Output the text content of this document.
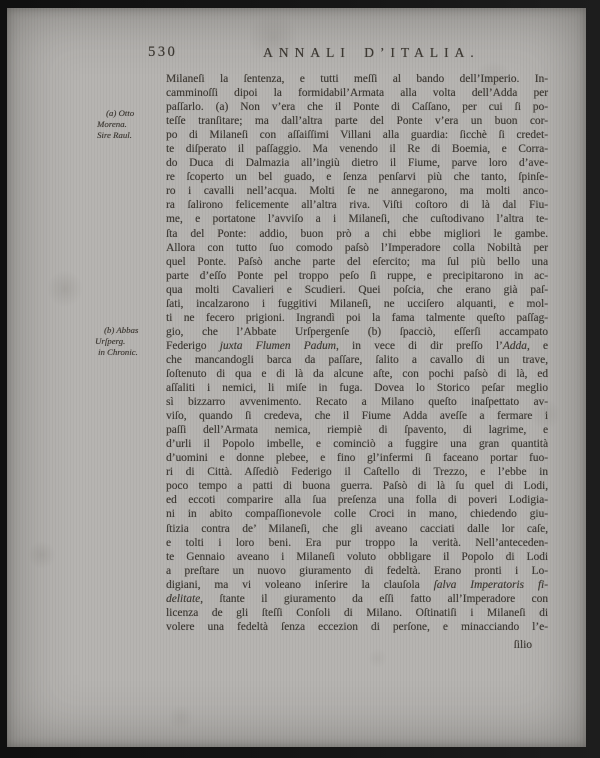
530	ANNALI D’ITALIA.
(a) Otto
Morena.
Sire Raul.
(b) Abbas
Urſperg.
in Chronic.
Milaneſi la ſentenza, e tutti meſſi al bando dell’Imperio. In-
camminoſſi dipoi la formidabil’Armata alla volta dell’Adda per
paſſarlo. (a) Non v’era che il Ponte di Caſſano, per cui ſi po-
teſſe tranſitare; ma dall’altra parte del Ponte v’era un buon cor-
po di Milaneſi con aſſaiſſimi Villani alla guardia: ſicchè ſi credet-
te diſperato il paſſaggio. Ma venendo il Re di Boemia, e Corra-
do Duca di Dalmazia all’ingiù dietro il Fiume, parve loro d’ave-
re ſcoperto un bel guado, e ſenza penſarvi più che tanto, ſpinſe-
ro i cavalli nell’acqua. Molti ſe ne annegarono, ma molti anco-
ra ſalirono felicemente all’altra riva. Viſti coſtoro di là dal Fiu-
me, e portatone l’avviſo a i Milaneſi, che cuſtodivano l’altra te-
ſta del Ponte: addio, buon prò a chi ebbe migliori le gambe.
Allora con tutto ſuo comodo paſsò l’Imperadore colla Nobiltà per
quel Ponte. Paſsò anche parte del eſercito; ma ſul più bello una
parte d’eſſo Ponte pel troppo peſo ſi ruppe, e precipitarono in ac-
qua molti Cavalieri e Scudieri. Quei poſcia, che erano già paſ-
ſati, incalzarono i fuggitivi Milaneſi, ne ucciſero alquanti, e mol-
ti ne fecero prigioni. Ingrandì poi la fama talmente queſto paſſag-
gio, che l’Abbate Urſpergenſe (b) ſpacciò, eſſerſi accampato
Federigo juxta Flumen Padum, in vece di dir preſſo l’Adda, e
che mancandogli barca da paſſare, ſalito a cavallo di un trave,
ſoſtenuto di qua e di là da alcune aſte, con pochi paſsò di là, ed
aſſaliti i nemici, li miſe in fuga. Dovea lo Storico peſar meglio
sì bizzarro avvenimento. Recato a Milano queſto inaſpettato av-
viſo, quando ſi credeva, che il Fiume Adda aveſſe a fermare i
paſſi dell’Armata nemica, riempiè di ſpavento, di lagrime, e
d’urli il Popolo imbelle, e cominciò a fuggire una gran quantità
d’uomini e donne plebee, e fino gl’infermi ſi faceano portar fuo-
ri di Città. Aſſediò Federigo il Caſtello di Trezzo, e l’ebbe in
poco tempo a patti di buona guerra. Paſsò di là ſu quel di Lodi,
ed eccoti comparire alla ſua preſenza una folla di poveri Lodigia-
ni in abito compaſſionevole colle Croci in mano, chiedendo giu-
ſtizia contra de’ Milaneſi, che gli aveano cacciati dalle lor caſe,
e tolti i loro beni. Era pur troppo la verità. Nell’anteceden-
te Gennaio aveano i Milaneſi voluto obbligare il Popolo di Lodi
a preſtare un nuovo giuramento di fedeltà. Erano pronti i Lo-
digiani, ma vi voleano inſerire la clauſola ſalva Imperatoris fi-
delitate, ſtante il giuramento da eſſi fatto all’Imperadore con
licenza de gli ſteſſi Conſoli di Milano. Oſtinatiſi i Milaneſi di
volere una fedeltà ſenza eccezion di perſone, e minacciando l’e-
ſilio
